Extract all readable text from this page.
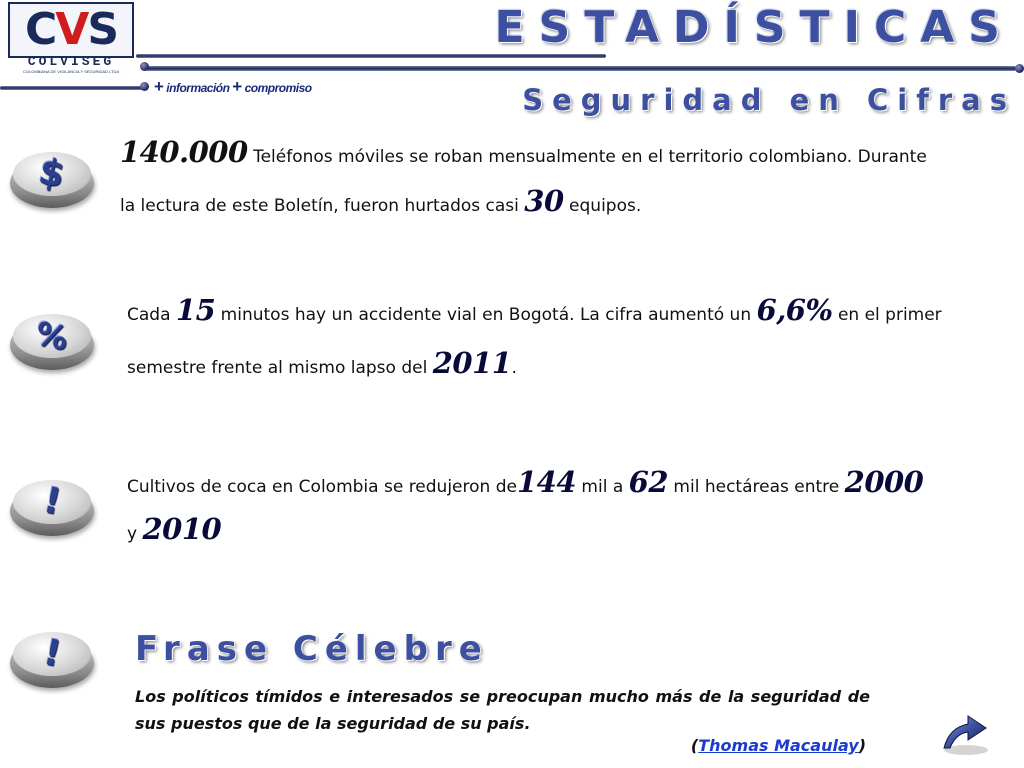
CVS
COLVISEG
COLOMBIANA DE VIGILANCIA Y SEGURIDAD LTDA
+ información + compromiso
ESTADÍSTICAS
Seguridad en Cifras
$ 140.000 Teléfonos móviles se roban mensualmente en el territorio colombiano. Durante
la lectura de este Boletín, fueron hurtados casi 30 equipos.
%	Cada 15 minutos hay un accidente vial en Bogotá. La cifra aumentó un 6,6% en el primer
semestre frente al mismo lapso del 2011.
!	Cultivos de coca en Colombia se redujeron de144 mil a 62 mil hectáreas entre 2000
y 2010
! Frase Célebre
Los políticos tímidos e interesados se preocupan mucho más de la seguridad de sus puestos que de la seguridad de su país.
(Thomas Macaulay)
